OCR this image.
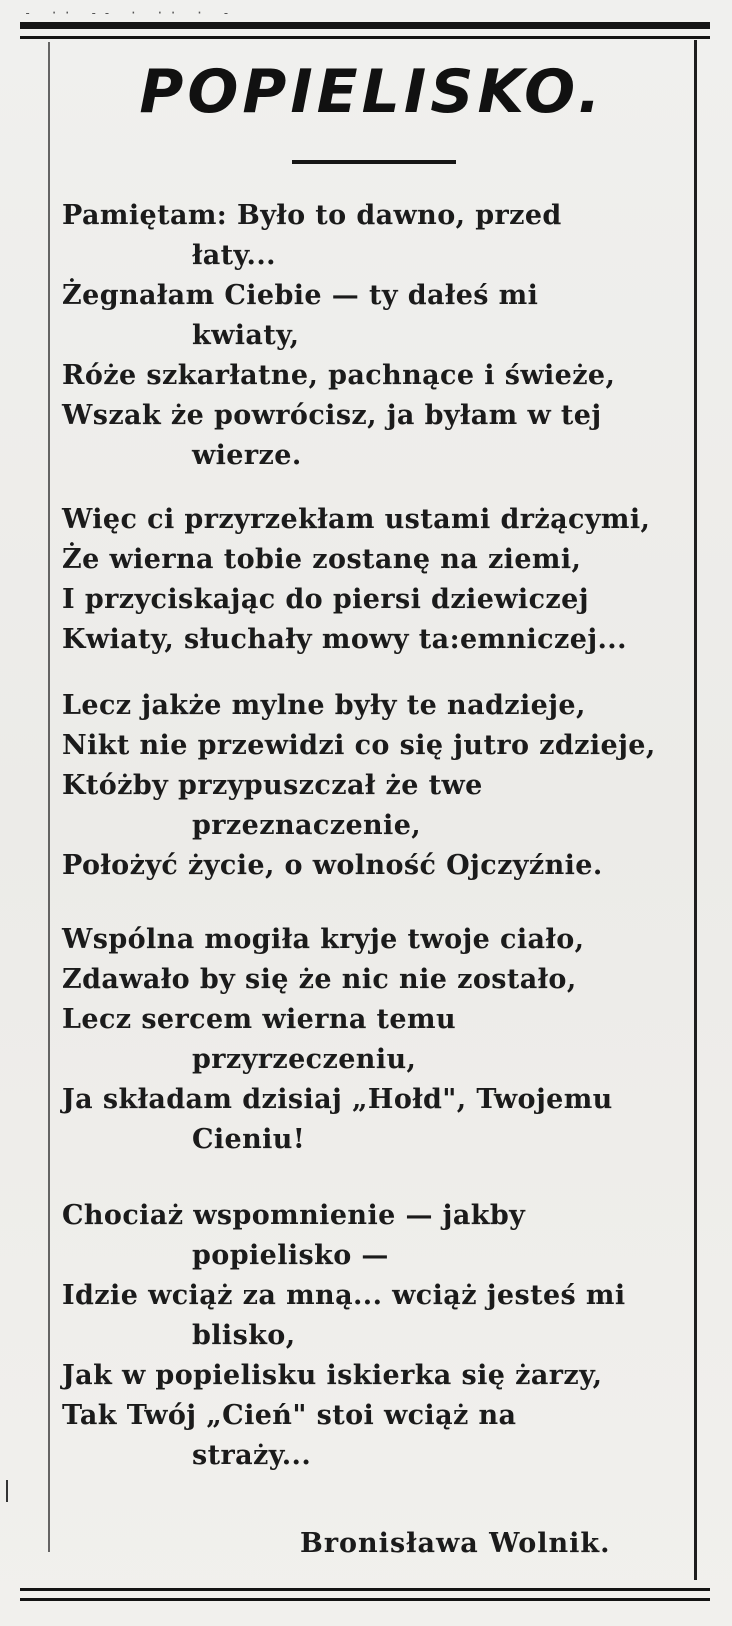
- ·· -- · ·· · -
POPIELISKO.
Pamiętam: Było to dawno, przed
łaty...
Żegnałam Ciebie — ty dałeś mi
kwiaty,
Róże szkarłatne, pachnące i świeże,
Wszak że powrócisz, ja byłam w tej
wierze.
Więc ci przyrzekłam ustami drżącymi,
Że wierna tobie zostanę na ziemi,
I przyciskając do piersi dziewiczej
Kwiaty, słuchały mowy ta:emniczej...
Lecz jakże mylne były te nadzieje,
Nikt nie przewidzi co się jutro zdzieje,
Któżby przypuszczał że twe
przeznaczenie,
Położyć życie, o wolność Ojczyźnie.
Wspólna mogiła kryje twoje ciało,
Zdawało by się że nic nie zostało,
Lecz sercem wierna temu
przyrzeczeniu,
Ja składam dzisiaj „Hołd", Twojemu
Cieniu!
Chociaż wspomnienie — jakby
popielisko —
Idzie wciąż za mną... wciąż jesteś mi
blisko,
Jak w popielisku iskierka się żarzy,
Tak Twój „Cień" stoi wciąż na
straży...
Bronisława Wolnik.
